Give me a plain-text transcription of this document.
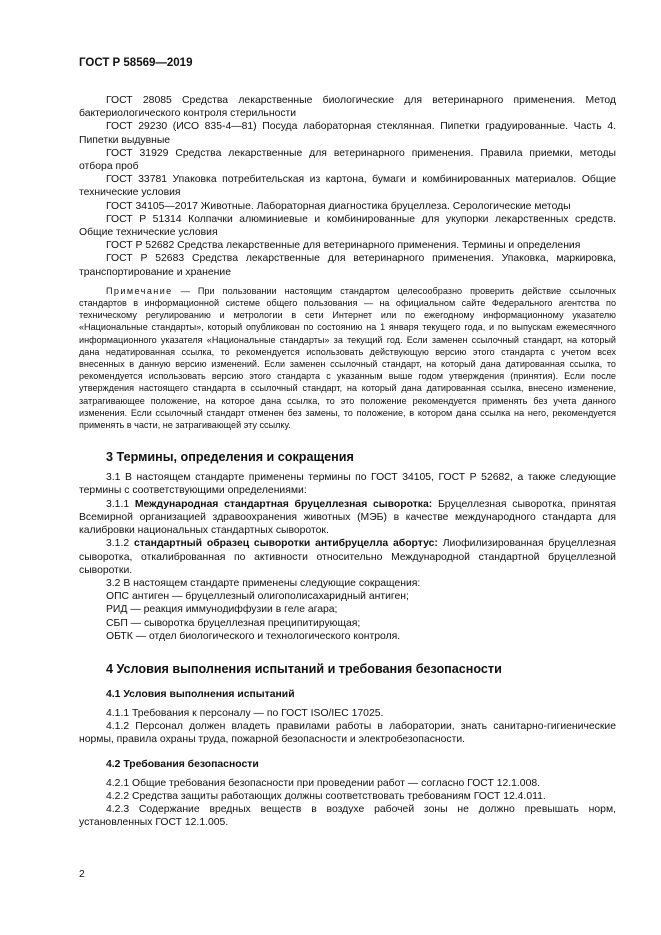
ГОСТ Р 58569—2019

ГОСТ 28085 Средства лекарственные биологические для ветеринарного применения. Метод бактериологического контроля стерильности

ГОСТ 29230 (ИСО 835-4—81) Посуда лабораторная стеклянная. Пипетки градуированные. Часть 4. Пипетки выдувные

ГОСТ 31929 Средства лекарственные для ветеринарного применения. Правила приемки, методы отбора проб

ГОСТ 33781 Упаковка потребительская из картона, бумаги и комбинированных материалов. Общие технические условия

ГОСТ 34105—2017 Животные. Лабораторная диагностика бруцеллеза. Серологические методы

ГОСТ Р 51314 Колпачки алюминиевые и комбинированные для укупорки лекарственных средств. Общие технические условия

ГОСТ Р 52682 Средства лекарственные для ветеринарного применения. Термины и определения

ГОСТ Р 52683 Средства лекарственные для ветеринарного применения. Упаковка, маркировка, транспортирование и хранение

Примечание — При пользовании настоящим стандартом целесообразно проверить действие ссылочных стандартов в информационной системе общего пользования — на официальном сайте Федерального агентства по техническому регулированию и метрологии в сети Интернет или по ежегодному информационному указателю «Национальные стандарты», который опубликован по состоянию на 1 января текущего года, и по выпускам ежемесячного информационного указателя «Национальные стандарты» за текущий год. Если заменен ссылочный стандарт, на который дана недатированная ссылка, то рекомендуется использовать действующую версию этого стандарта с учетом всех внесенных в данную версию изменений. Если заменен ссылочный стандарт, на который дана датированная ссылка, то рекомендуется использовать версию этого стандарта с указанным выше годом утверждения (принятия). Если после утверждения настоящего стандарта в ссылочный стандарт, на который дана датированная ссылка, внесено изменение, затрагивающее положение, на которое дана ссылка, то это положение рекомендуется применять без учета данного изменения. Если ссылочный стандарт отменен без замены, то положение, в котором дана ссылка на него, рекомендуется применять в части, не затрагивающей эту ссылку.

3 Термины, определения и сокращения

3.1 В настоящем стандарте применены термины по ГОСТ 34105, ГОСТ Р 52682, а также следующие термины с соответствующими определениями:

3.1.1 Международная стандартная бруцеллезная сыворотка: Бруцеллезная сыворотка, принятая Всемирной организацией здравоохранения животных (МЭБ) в качестве международного стандарта для калибровки национальных стандартных сывороток.

3.1.2 стандартный образец сыворотки антибруцелла абортус: Лиофилизированная бруцеллезная сыворотка, откалиброванная по активности относительно Международной стандартной бруцеллезной сыворотки.

3.2 В настоящем стандарте применены следующие сокращения:

ОПС антиген — бруцеллезный олигополисахаридный антиген;

РИД — реакция иммунодиффузии в геле агара;

СБП — сыворотка бруцеллезная преципитирующая;

ОБТК — отдел биологического и технологического контроля.

4 Условия выполнения испытаний и требования безопасности
4.1 Условия выполнения испытаний

4.1.1 Требования к персоналу — по ГОСТ ISO/IEC 17025.

4.1.2 Персонал должен владеть правилами работы в лаборатории, знать санитарно-гигиенические нормы, правила охраны труда, пожарной безопасности и электробезопасности.

4.2 Требования безопасности

4.2.1 Общие требования безопасности при проведении работ — согласно ГОСТ 12.1.008.

4.2.2 Средства защиты работающих должны соответствовать требованиям ГОСТ 12.4.011.

4.2.3 Содержание вредных веществ в воздухе рабочей зоны не должно превышать норм, установленных ГОСТ 12.1.005.

2
